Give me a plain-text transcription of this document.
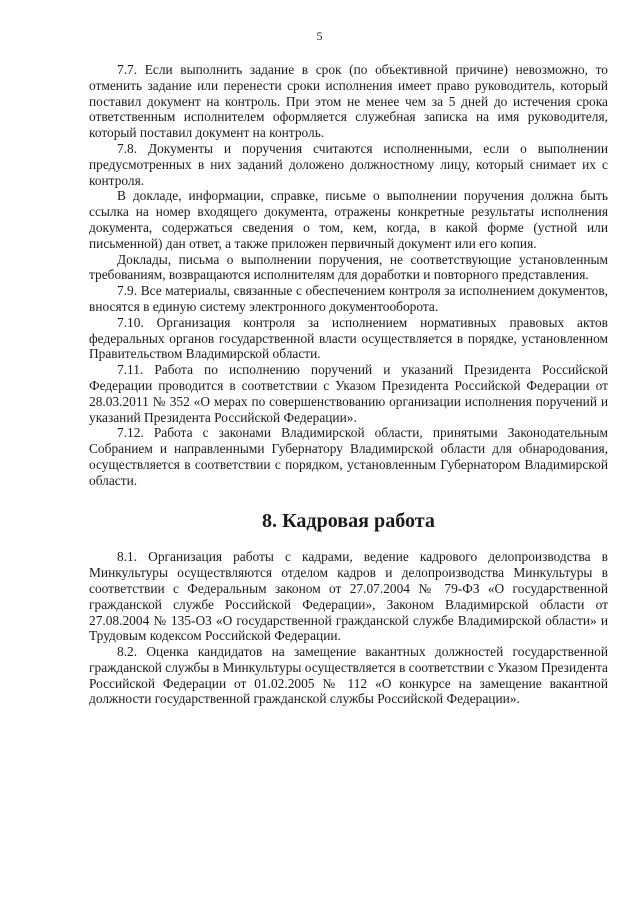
5

7.7. Если выполнить задание в срок (по объективной причине) невозможно, то отменить задание или перенести сроки исполнения имеет право руководитель, который поставил документ на контроль. При этом не менее чем за 5 дней до истечения срока ответственным исполнителем оформляется служебная записка на имя руководителя, который поставил документ на контроль.

7.8. Документы и поручения считаются исполненными, если о выполнении предусмотренных в них заданий доложено должностному лицу, который снимает их с контроля.

В докладе, информации, справке, письме о выполнении поручения должна быть ссылка на номер входящего документа, отражены конкретные результаты исполнения документа, содержаться сведения о том, кем, когда, в какой форме (устной или письменной) дан ответ, а также приложен первичный документ или его копия.

Доклады, письма о выполнении поручения, не соответствующие установленным требованиям, возвращаются исполнителям для доработки и повторного представления.

7.9. Все материалы, связанные с обеспечением контроля за исполнением документов, вносятся в единую систему электронного документооборота.

7.10. Организация контроля за исполнением нормативных правовых актов федеральных органов государственной власти осуществляется в порядке, установленном Правительством Владимирской области.

7.11. Работа по исполнению поручений и указаний Президента Российской Федерации проводится в соответствии с Указом Президента Российской Федерации от 28.03.2011 № 352 «О мерах по совершенствованию организации исполнения поручений и указаний Президента Российской Федерации».

7.12. Работа с законами Владимирской области, принятыми Законодательным Собранием и направленными Губернатору Владимирской области для обнародования, осуществляется в соответствии с порядком, установленным Губернатором Владимирской области.

8. Кадровая работа

8.1. Организация работы с кадрами, ведение кадрового делопроизводства в Минкультуры осуществляются отделом кадров и делопроизводства Минкультуры в соответствии с Федеральным законом от 27.07.2004 № 79-ФЗ «О государственной гражданской службе Российской Федерации», Законом Владимирской области от 27.08.2004 № 135-ОЗ «О государственной гражданской службе Владимирской области» и Трудовым кодексом Российской Федерации.

8.2. Оценка кандидатов на замещение вакантных должностей государственной гражданской службы в Минкультуры осуществляется в соответствии с Указом Президента Российской Федерации от 01.02.2005 № 112 «О конкурсе на замещение вакантной должности государственной гражданской службы Российской Федерации».
